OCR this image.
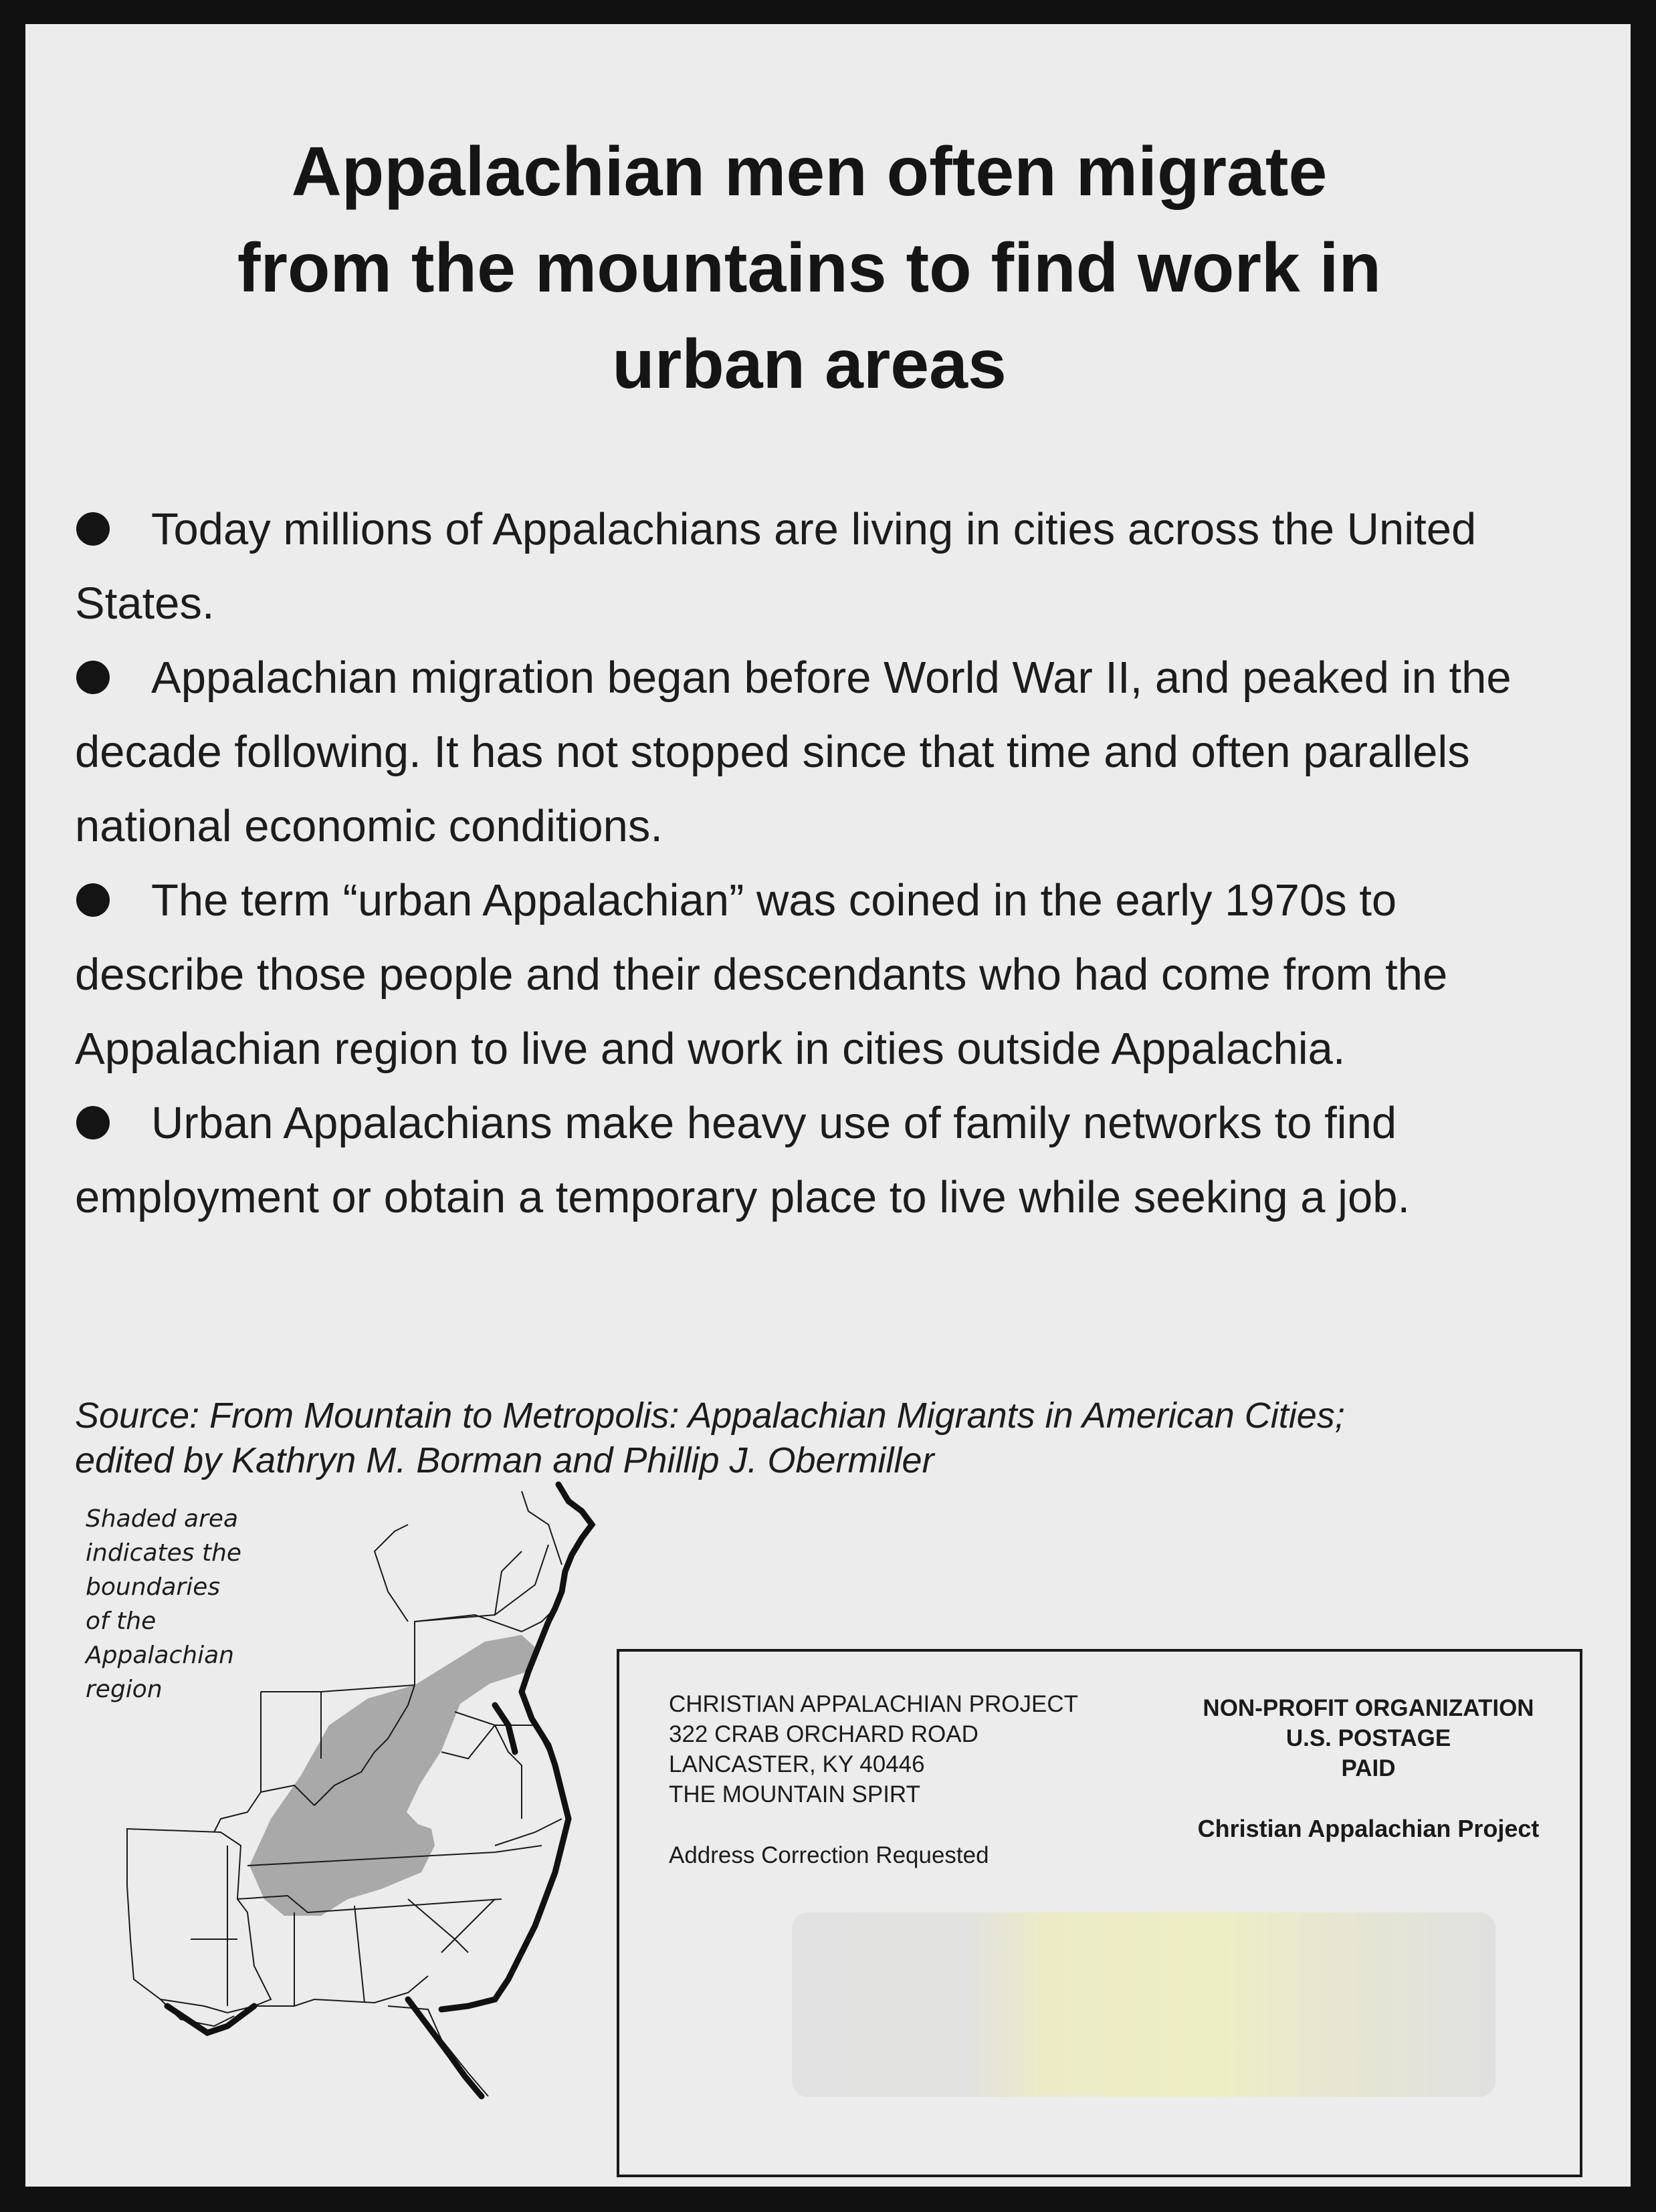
Appalachian men often migrate
from the mountains to find work in
urban areas

Today millions of Appalachians are living in cities across the United States.

Appalachian migration began before World War II, and peaked in the decade following. It has not stopped since that time and often parallels national economic conditions.

The term “urban Appalachian” was coined in the early 1970s to describe those people and their descendants who had come from the Appalachian region to live and work in cities outside Appalachia.

Urban Appalachians make heavy use of family networks to find employment or obtain a temporary place to live while seeking a job.

Source: From Mountain to Metropolis: Appalachian Migrants in American Cities;
edited by Kathryn M. Borman and Phillip J. Obermiller
Shaded area
indicates the
boundaries
of the
Appalachian
region
CHRISTIAN APPALACHIAN PROJECT
322 CRAB ORCHARD ROAD
LANCASTER, KY 40446
THE MOUNTAIN SPIRT
Address Correction Requested
NON-PROFIT ORGANIZATION
U.S. POSTAGE
PAID
Christian Appalachian Project
